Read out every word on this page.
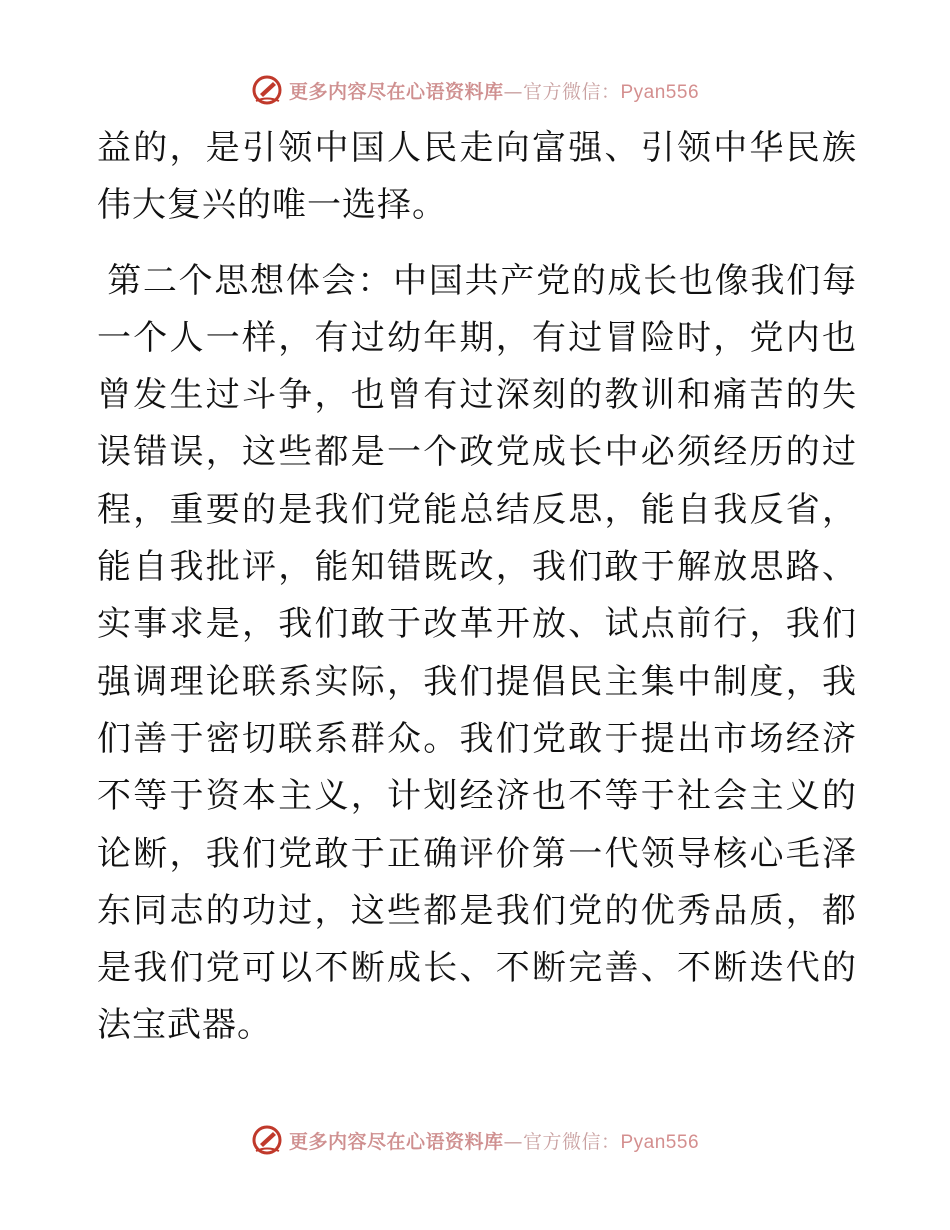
更多内容尽在心语资料库—官方微信：Pyan556

益的，是引领中国人民走向富强、引领中华民族伟大复兴的唯一选择。

第二个思想体会：中国共产党的成长也像我们每一个人一样，有过幼年期，有过冒险时，党内也曾发生过斗争，也曾有过深刻的教训和痛苦的失误错误，这些都是一个政党成长中必须经历的过程，重要的是我们党能总结反思，能自我反省，能自我批评，能知错既改，我们敢于解放思路、实事求是，我们敢于改革开放、试点前行，我们强调理论联系实际，我们提倡民主集中制度，我们善于密切联系群众。我们党敢于提出市场经济不等于资本主义，计划经济也不等于社会主义的论断，我们党敢于正确评价第一代领导核心毛泽东同志的功过，这些都是我们党的优秀品质，都是我们党可以不断成长、不断完善、不断迭代的法宝武器。

更多内容尽在心语资料库—官方微信：Pyan556
